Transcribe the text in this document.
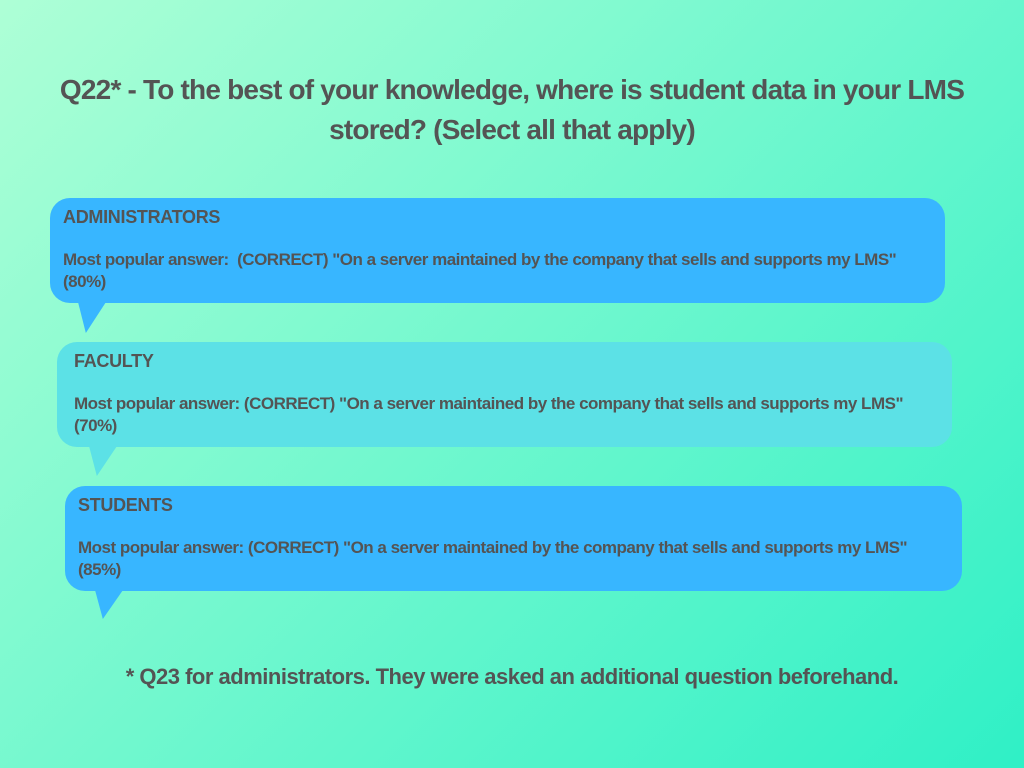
Q22* - To the best of your knowledge, where is student data in your LMS stored? (Select all that apply)
ADMINISTRATORS
Most popular answer:  (CORRECT) "On a server maintained by the company that sells and supports my LMS" (80%)
FACULTY
Most popular answer: (CORRECT) "On a server maintained by the company that sells and supports my LMS" (70%)
STUDENTS
Most popular answer: (CORRECT) "On a server maintained by the company that sells and supports my LMS" (85%)
* Q23 for administrators. They were asked an additional question beforehand.
